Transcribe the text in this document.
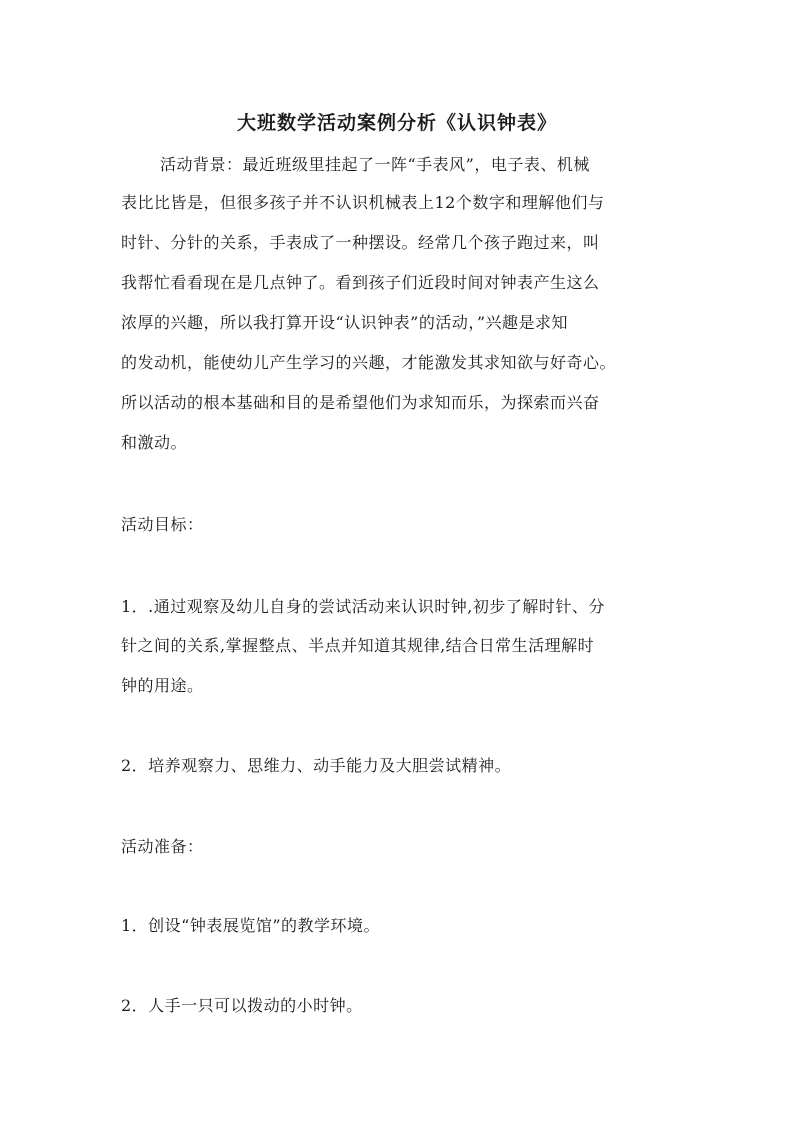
大班数学活动案例分析《认识钟表》
活动背景：最近班级里挂起了一阵“手表风”，电子表、机械
表比比皆是，但很多孩子并不认识机械表上12个数字和理解他们与
时针、分针的关系，手表成了一种摆设。经常几个孩子跑过来，叫
我帮忙看看现在是几点钟了。看到孩子们近段时间对钟表产生这么
浓厚的兴趣，所以我打算开设“认识钟表”的活动，”兴趣是求知
的发动机，能使幼儿产生学习的兴趣，才能激发其求知欲与好奇心。
所以活动的根本基础和目的是希望他们为求知而乐，为探索而兴奋
和激动。
活动目标：
1．.通过观察及幼儿自身的尝试活动来认识时钟,初步了解时针、分
针之间的关系,掌握整点、半点并知道其规律,结合日常生活理解时
钟的用途。
2．培养观察力、思维力、动手能力及大胆尝试精神。
活动准备：
1．创设“钟表展览馆”的教学环境。
2．人手一只可以拨动的小时钟。
